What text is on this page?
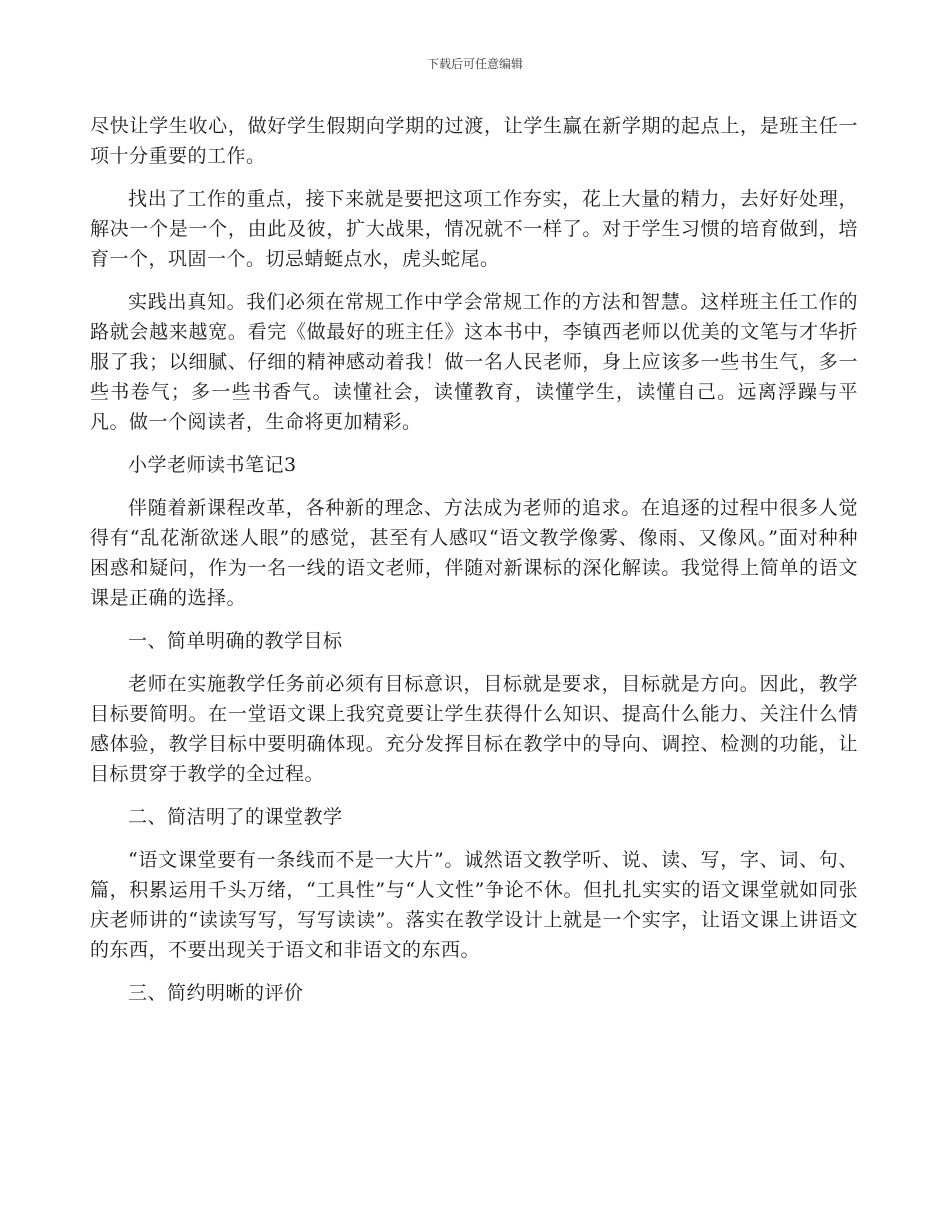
下载后可任意编辑

尽快让学生收心，做好学生假期向学期的过渡，让学生赢在新学期的起点上，是班主任一项十分重要的工作。

找出了工作的重点，接下来就是要把这项工作夯实，花上大量的精力，去好好处理，解决一个是一个，由此及彼，扩大战果，情况就不一样了。对于学生习惯的培育做到，培育一个，巩固一个。切忌蜻蜓点水，虎头蛇尾。

实践出真知。我们必须在常规工作中学会常规工作的方法和智慧。这样班主任工作的路就会越来越宽。看完《做最好的班主任》这本书中，李镇西老师以优美的文笔与才华折服了我；以细腻、仔细的精神感动着我！做一名人民老师，身上应该多一些书生气，多一些书卷气；多一些书香气。读懂社会，读懂教育，读懂学生，读懂自己。远离浮躁与平凡。做一个阅读者，生命将更加精彩。

小学老师读书笔记3

伴随着新课程改革，各种新的理念、方法成为老师的追求。在追逐的过程中很多人觉得有“乱花渐欲迷人眼”的感觉，甚至有人感叹“语文教学像雾、像雨、又像风。”面对种种困惑和疑问，作为一名一线的语文老师，伴随对新课标的深化解读。我觉得上简单的语文课是正确的选择。

一、简单明确的教学目标

老师在实施教学任务前必须有目标意识，目标就是要求，目标就是方向。因此，教学目标要简明。在一堂语文课上我究竟要让学生获得什么知识、提高什么能力、关注什么情感体验，教学目标中要明确体现。充分发挥目标在教学中的导向、调控、检测的功能，让目标贯穿于教学的全过程。

二、简洁明了的课堂教学

“语文课堂要有一条线而不是一大片”。诚然语文教学听、说、读、写，字、词、句、篇，积累运用千头万绪，“工具性”与“人文性”争论不休。但扎扎实实的语文课堂就如同张庆老师讲的“读读写写，写写读读”。落实在教学设计上就是一个实字，让语文课上讲语文的东西，不要出现关于语文和非语文的东西。

三、简约明晰的评价
